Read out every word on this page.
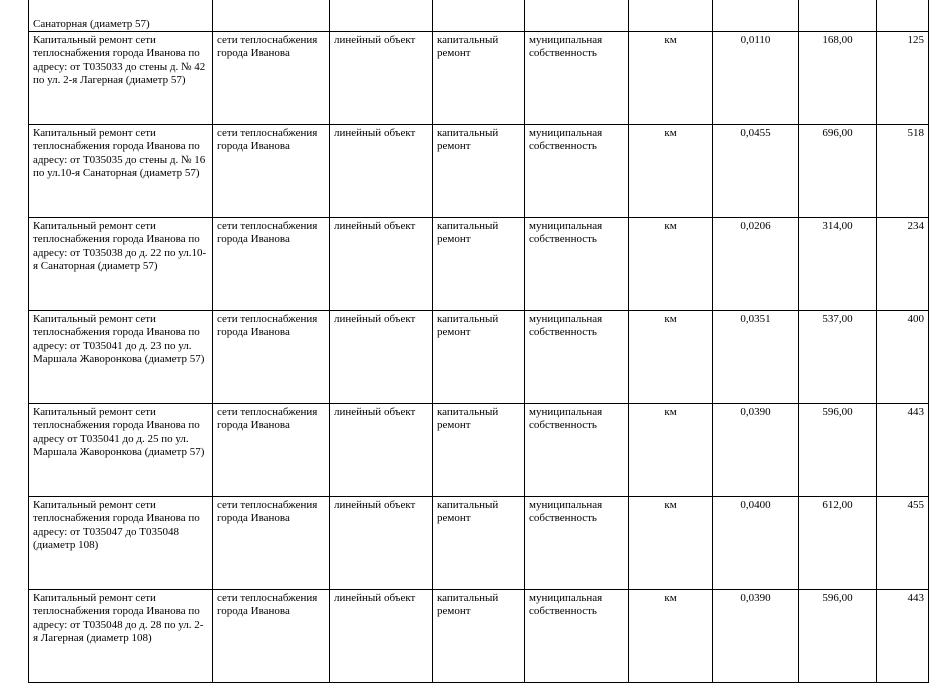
Санаторная (диаметр 57)								
Капитальный ремонт сети теплоснабжения города Иванова по адресу: от Т035033 до стены д. № 42 по ул. 2-я Лагерная (диаметр 57)	сети теплоснабжения города Иванова	линейный объект	капитальный ремонт	муниципальная собственность	км	0,0110	168,00	125
Капитальный ремонт сети теплоснабжения города Иванова по адресу: от Т035035 до стены д. № 16 по ул.10-я Санаторная (диаметр 57)	сети теплоснабжения города Иванова	линейный объект	капитальный ремонт	муниципальная собственность	км	0,0455	696,00	518
Капитальный ремонт сети теплоснабжения города Иванова по адресу: от Т035038 до д. 22 по ул.10-я Санаторная (диаметр 57)	сети теплоснабжения города Иванова	линейный объект	капитальный ремонт	муниципальная собственность	км	0,0206	314,00	234
Капитальный ремонт сети теплоснабжения города Иванова по адресу: от Т035041 до д. 23 по ул. Маршала Жаворонкова (диаметр 57)	сети теплоснабжения города Иванова	линейный объект	капитальный ремонт	муниципальная собственность	км	0,0351	537,00	400
Капитальный ремонт сети теплоснабжения города Иванова по адресу от Т035041 до д. 25 по ул. Маршала Жаворонкова (диаметр 57)	сети теплоснабжения города Иванова	линейный объект	капитальный ремонт	муниципальная собственность	км	0,0390	596,00	443
Капитальный ремонт сети теплоснабжения города Иванова по адресу: от Т035047 до Т035048 (диаметр 108)	сети теплоснабжения города Иванова	линейный объект	капитальный ремонт	муниципальная собственность	км	0,0400	612,00	455
Капитальный ремонт сети теплоснабжения города Иванова по адресу: от Т035048 до д. 28 по ул. 2-я Лагерная (диаметр 108)	сети теплоснабжения города Иванова	линейный объект	капитальный ремонт	муниципальная собственность	км	0,0390	596,00	443
